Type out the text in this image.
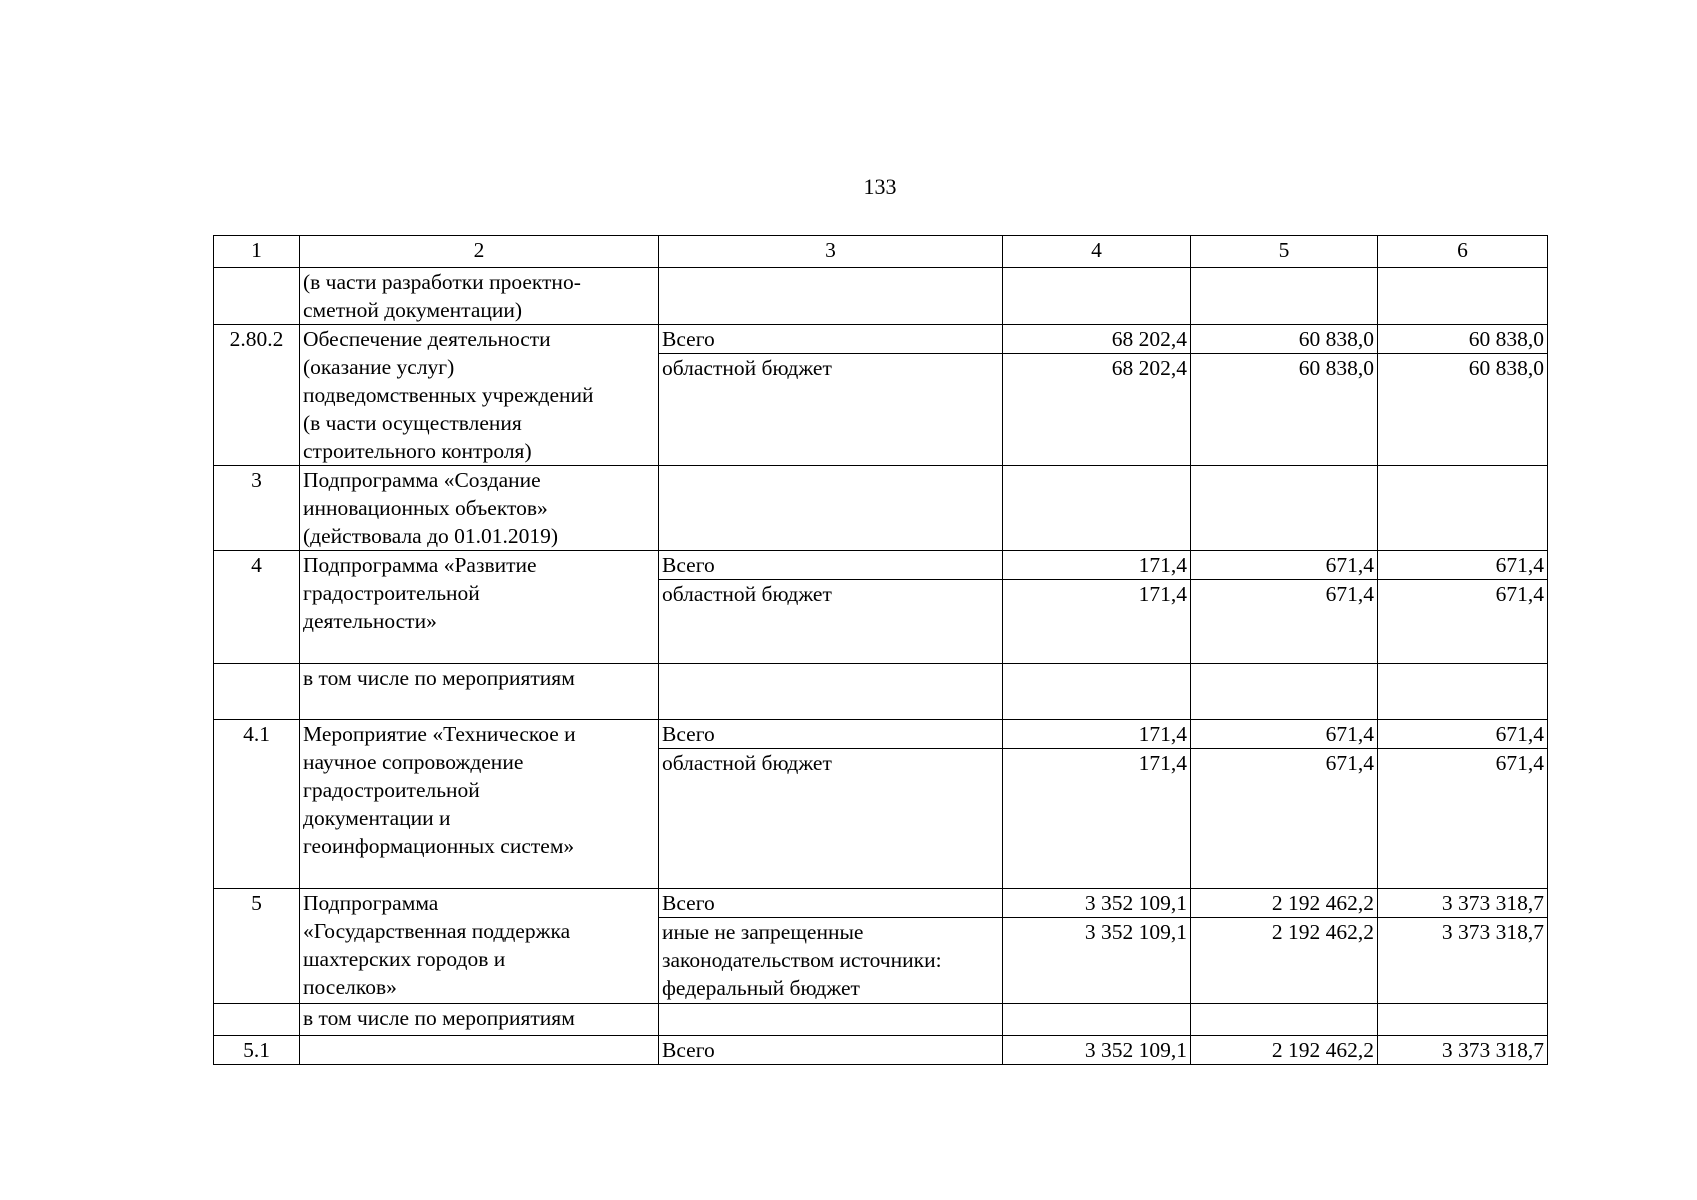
133
1	2	3	4	5	6

	(в части разработки проектно-
сметной документации)				

2.80.2	Обеспечение деятельности
(оказание услуг)
подведомственных учреждений
(в части осуществления
строительного контроля)	Всего	68 202,4	60 838,0	60 838,0
		областной бюджет	68 202,4	60 838,0	60 838,0
3	Подпрограмма «Создание
инновационных объектов»
(действовала до 01.01.2019)				

4	Подпрограмма «Развитие
градостроительной
деятельности»	Всего	171,4	671,4	671,4
		областной бюджет	171,4	671,4	671,4

	в том числе по мероприятиям				

4.1	Мероприятие «Техническое и
научное сопровождение
градостроительной
документации и
геоинформационных систем»	Всего	171,4	671,4	671,4
		областной бюджет	171,4	671,4	671,4
5	Подпрограмма
«Государственная поддержка
шахтерских городов и
поселков»	Всего	3 352 109,1	2 192 462,2	3 373 318,7

		иные не запрещенные
законодательством источники:
федеральный бюджет	3 352 109,1	2 192 462,2	3 373 318,7

	в том числе по мероприятиям				

5.1		Всего	3 352 109,1	2 192 462,2	3 373 318,7
